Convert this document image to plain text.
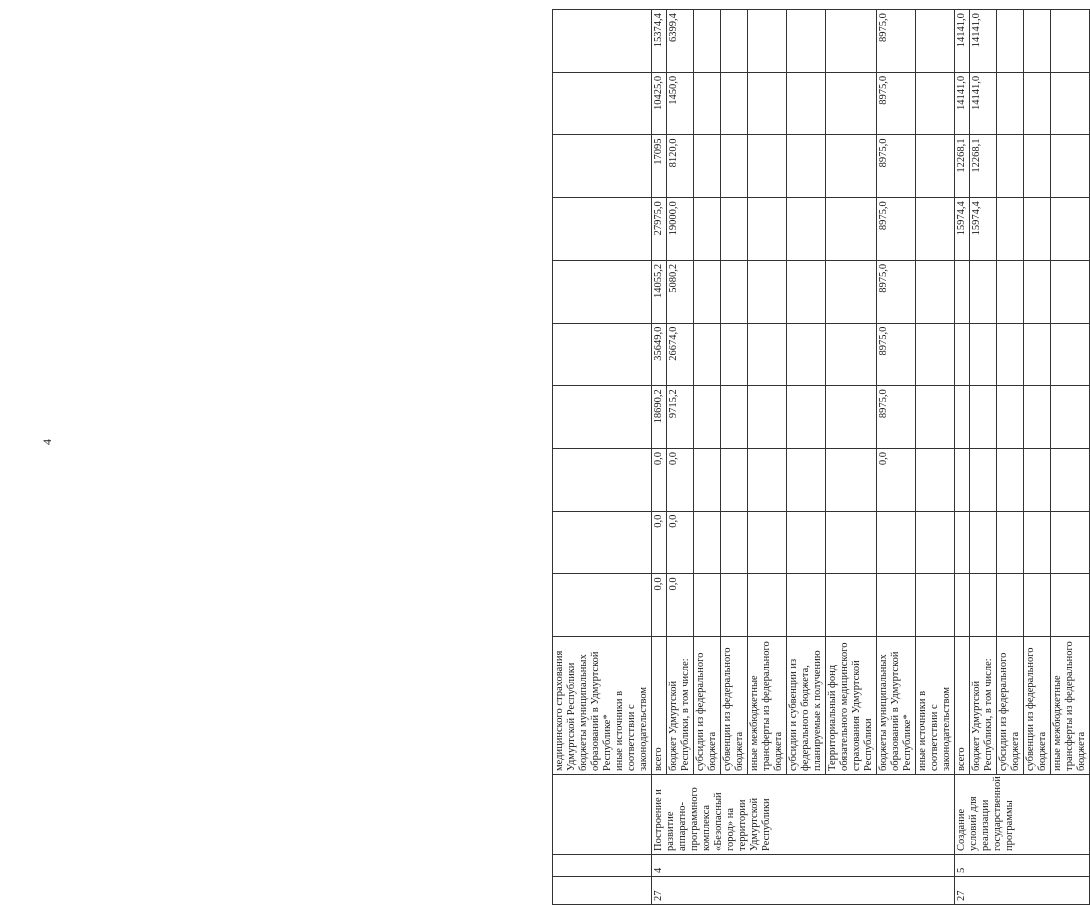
4

			медицинского страхования Удмуртской Республики бюджеты муниципальных образований в Удмуртской Республике* иные источники в соответствии с законодательством										

27	4	Построение и развитие аппаратно-программного комплекса «Безопасный город» на территории Удмуртской Республики	всего	0,0	0,0	0,0	18690,2	35649,0	14055,2	27975,0	17095	10425,0	15374,4
			бюджет Удмуртской Республики, в том числе:	0,0	0,0	0,0	9715,2	26674,0	5080,2	19000,0	8120,0	1450,0	6399,4
			субсидии из федерального бюджета										
			субвенции из федерального бюджета										
			иные межбюджетные трансферты из федерального бюджета										
			субсидии и субвенции из федерального бюджета, планируемые к получению										
			Территориальный фонд обязательного медицинского страхования Удмуртской Республики										
			бюджеты муниципальных образований в Удмуртской Республике*			0,0	8975,0	8975,0	8975,0	8975,0	8975,0	8975,0	8975,0
			иные источники в соответствии с законодательством										
27	5	Создание условий для реализации государственной программы	всего							15974,4	12268,1	14141,0	14141,0
			бюджет Удмуртской Республики, в том числе:							15974,4	12268,1	14141,0	14141,0
			субсидии из федерального бюджета										
			субвенции из федерального бюджета										
			иные межбюджетные трансферты из федерального бюджета										
